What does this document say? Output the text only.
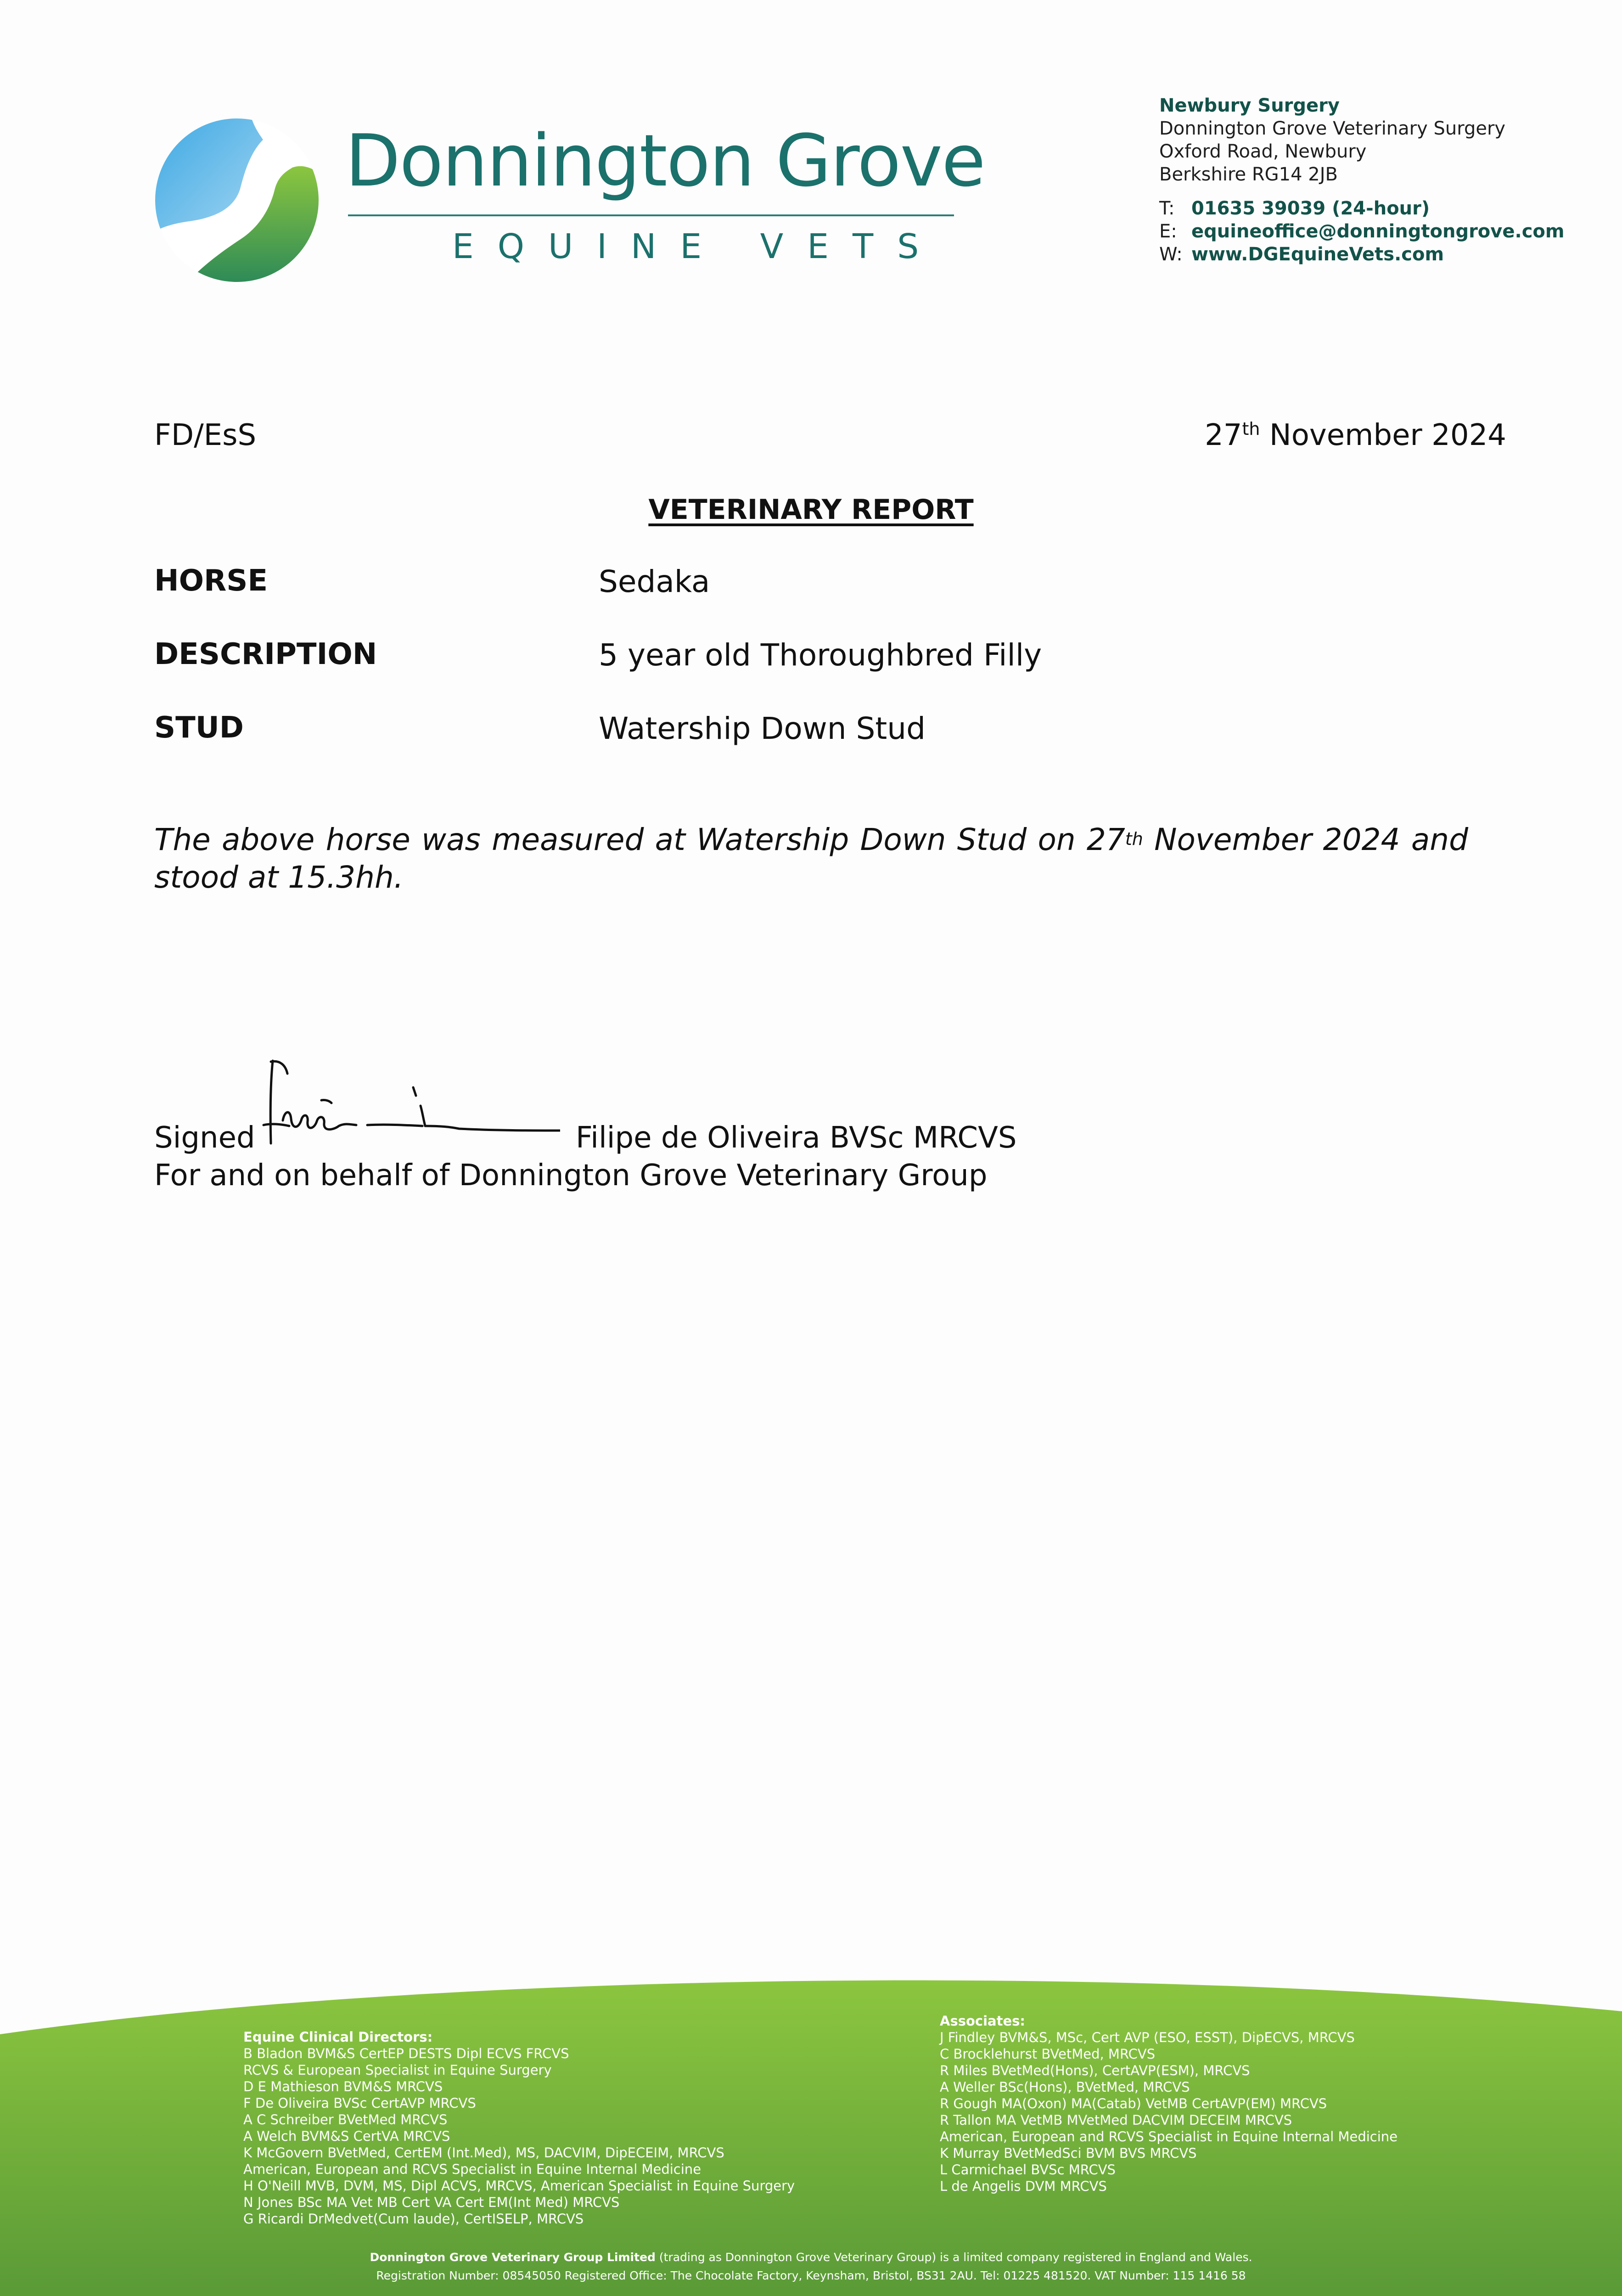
Donnington Grove
EQUINE VETS
Newbury Surgery
Donnington Grove Veterinary Surgery
Oxford Road, Newbury
Berkshire RG14 2JB
T: 01635 39039 (24-hour)
E: equineoffice@donningtongrove.com
W: www.DGEquineVets.com
FD/EsS	27th November 2024
VETERINARY REPORT
HORSE	Sedaka
DESCRIPTION	5 year old Thoroughbred Filly
STUD	Watership Down Stud
The above horse was measured at Watership Down Stud on 27th November 2024 and stood at 15.3hh.
Signed	Filipe de Oliveira BVSc MRCVS
For and on behalf of Donnington Grove Veterinary Group
Equine Clinical Directors:
B Bladon BVM&S CertEP DESTS Dipl ECVS FRCVS
RCVS & European Specialist in Equine Surgery
D E Mathieson BVM&S MRCVS
F De Oliveira BVSc CertAVP MRCVS
A C Schreiber BVetMed MRCVS
A Welch BVM&S CertVA MRCVS
K McGovern BVetMed, CertEM (Int.Med), MS, DACVIM, DipECEIM, MRCVS
American, European and RCVS Specialist in Equine Internal Medicine
H O'Neill MVB, DVM, MS, Dipl ACVS, MRCVS, American Specialist in Equine Surgery
N Jones BSc MA Vet MB Cert VA Cert EM(Int Med) MRCVS
G Ricardi DrMedvet(Cum laude), CertISELP, MRCVS
Associates:
J Findley BVM&S, MSc, Cert AVP (ESO, ESST), DipECVS, MRCVS
C Brocklehurst BVetMed, MRCVS
R Miles BVetMed(Hons), CertAVP(ESM), MRCVS
A Weller BSc(Hons), BVetMed, MRCVS
R Gough MA(Oxon) MA(Catab) VetMB CertAVP(EM) MRCVS
R Tallon MA VetMB MVetMed DACVIM DECEIM MRCVS
American, European and RCVS Specialist in Equine Internal Medicine
K Murray BVetMedSci BVM BVS MRCVS
L Carmichael BVSc MRCVS
L de Angelis DVM MRCVS
Donnington Grove Veterinary Group Limited (trading as Donnington Grove Veterinary Group) is a limited company registered in England and Wales.
Registration Number: 08545050 Registered Office: The Chocolate Factory, Keynsham, Bristol, BS31 2AU. Tel: 01225 481520. VAT Number: 115 1416 58
